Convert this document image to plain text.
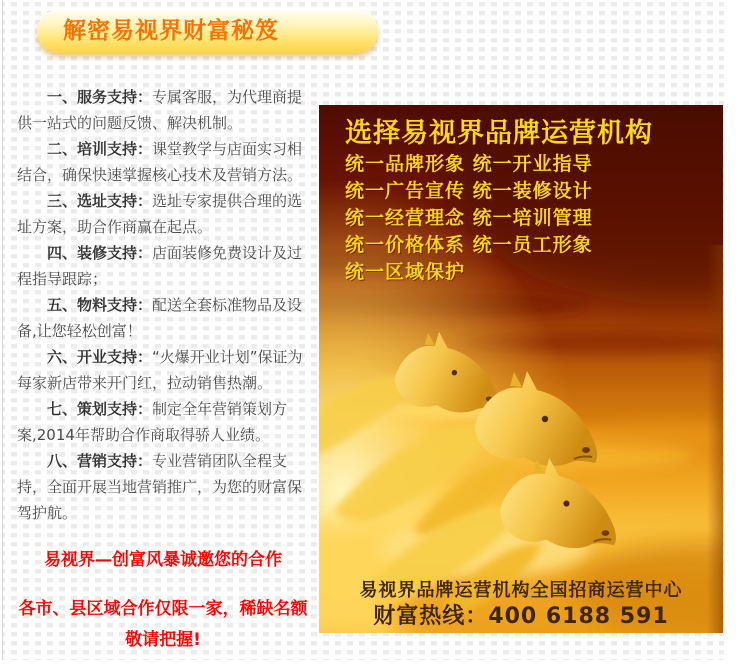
解密易视界财富秘笈

一、服务支持：专属客服，为代理商提供一站式的问题反馈、解决机制。

二、培训支持：课堂教学与店面实习相结合，确保快速掌握核心技术及营销方法。

三、选址支持：选址专家提供合理的选址方案，助合作商赢在起点。

四、装修支持：店面装修免费设计及过程指导跟踪；

五、物料支持：配送全套标准物品及设备,让您轻松创富！

六、开业支持：“火爆开业计划”保证为每家新店带来开门红，拉动销售热潮。

七、策划支持：制定全年营销策划方案,2014年帮助合作商取得骄人业绩。

八、营销支持：专业营销团队全程支持，全面开展当地营销推广，为您的财富保驾护航。

易视界—创富风暴诚邀您的合作
各市、县区域合作仅限一家，稀缺名额敬请把握!
选择易视界品牌运营机构
统一品牌形象 统一开业指导
统一广告宣传 统一装修设计
统一经营理念 统一培训管理
统一价格体系 统一员工形象
统一区域保护
易视界品牌运营机构全国招商运营中心
财富热线：400 6188 591
